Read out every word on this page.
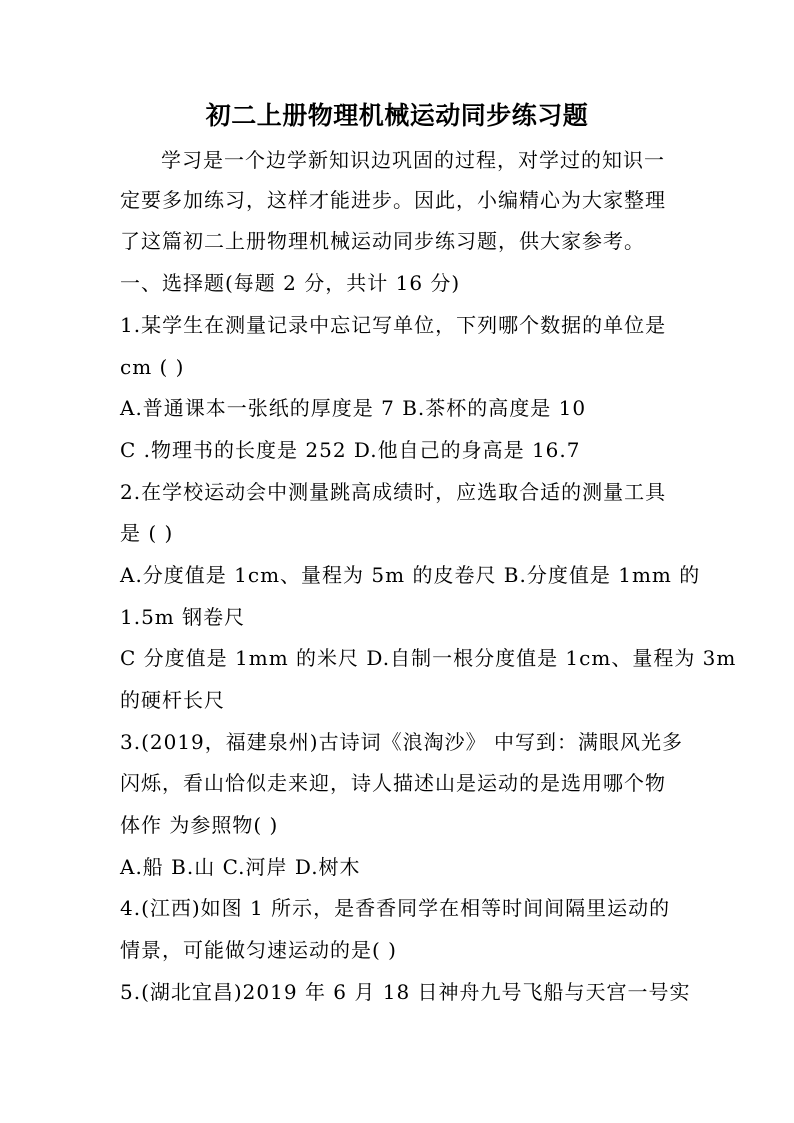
初二上册物理机械运动同步练习题
学习是一个边学新知识边巩固的过程，对学过的知识一
定要多加练习，这样才能进步。因此，小编精心为大家整理
了这篇初二上册物理机械运动同步练习题，供大家参考。
一、选择题(每题 2 分，共计 16 分)
1.某学生在测量记录中忘记写单位，下列哪个数据的单位是
cm ( )
A.普通课本一张纸的厚度是 7 B.茶杯的高度是 10
C .物理书的长度是 252 D.他自己的身高是 16.7
2.在学校运动会中测量跳高成绩时，应选取合适的测量工具
是 ( )
A.分度值是 1cm、量程为 5m 的皮卷尺 B.分度值是 1mm 的
1.5m 钢卷尺
C 分度值是 1mm 的米尺 D.自制一根分度值是 1cm、量程为 3m
的硬杆长尺
3.(2019，福建泉州)古诗词《浪淘沙》 中写到：满眼风光多
闪烁，看山恰似走来迎，诗人描述山是运动的是选用哪个物
体作 为参照物( )
A.船 B.山 C.河岸 D.树木
4.(江西)如图 1 所示，是香香同学在相等时间间隔里运动的
情景，可能做匀速运动的是( )
5.(湖北宜昌)2019 年 6 月 18 日神舟九号飞船与天宫一号实
